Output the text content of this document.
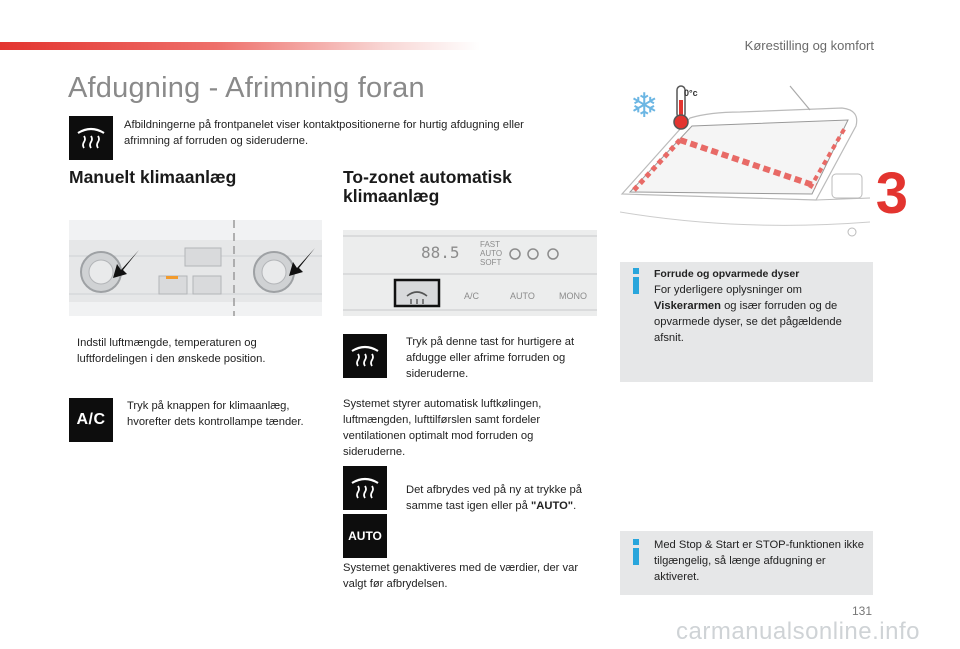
Kørestilling og komfort
Afdugning - Afrimning foran
Afbildningerne på frontpanelet viser kontaktpositionerne for hurtig afdugning eller afrimning af forruden og sideruderne.
Manuelt klimaanlæg
Indstil luftmængde, temperaturen og luftfordelingen i den ønskede position.
A/C
Tryk på knappen for klimaanlæg, hvorefter dets kontrollampe tænder.
To-zonet automatisk
klimaanlæg
88.5	FAST
AUTO
SOFT
A/C	AUTO	MONO
Tryk på denne tast for hurtigere at afdugge eller afrime forruden og sideruderne.
Systemet styrer automatisk luftkølingen, luftmængden, lufttilførslen samt fordeler ventilationen optimalt mod forruden og sideruderne.
AUTO
Det afbrydes ved på ny at trykke på samme tast igen eller på "AUTO".
Systemet genaktiveres med de værdier, der var valgt før afbrydelsen.
❄	0°c
3
Forrude og opvarmede dyser
For yderligere oplysninger om
Viskerarmen og især forruden og de opvarmede dyser, se det pågældende afsnit.
Med Stop & Start er STOP-funktionen ikke tilgængelig, så længe afdugning er aktiveret.
131
carmanualsonline.info
